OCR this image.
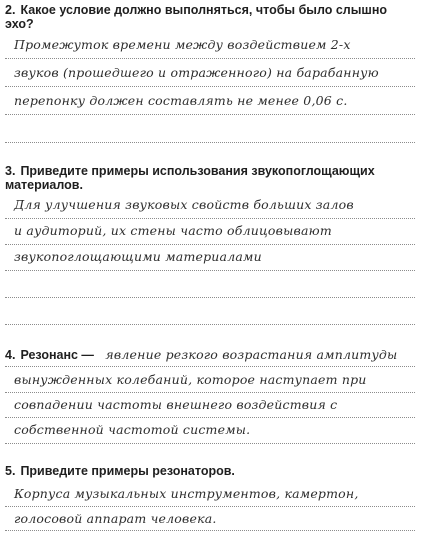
2. Какое условие должно выполняться, чтобы было слышно
эхо?
Промежуток времени между воздействием 2-х
звуков (прошедшего и отраженного) на барабанную
перепонку должен составлять не менее 0,06 с.
3. Приведите примеры использования звукопоглощающих
материалов.
Для улучшения звуковых свойств больших залов
и аудиторий, их стены часто облицовывают
звукопоглощающими материалами
4. Резонанс — явление резкого возрастания амплитуды
вынужденных колебаний, которое наступает при
совпадении частоты внешнего воздействия с
собственной частотой системы.
5. Приведите примеры резонаторов.
Корпуса музыкальных инструментов, камертон,
голосовой аппарат человека.
